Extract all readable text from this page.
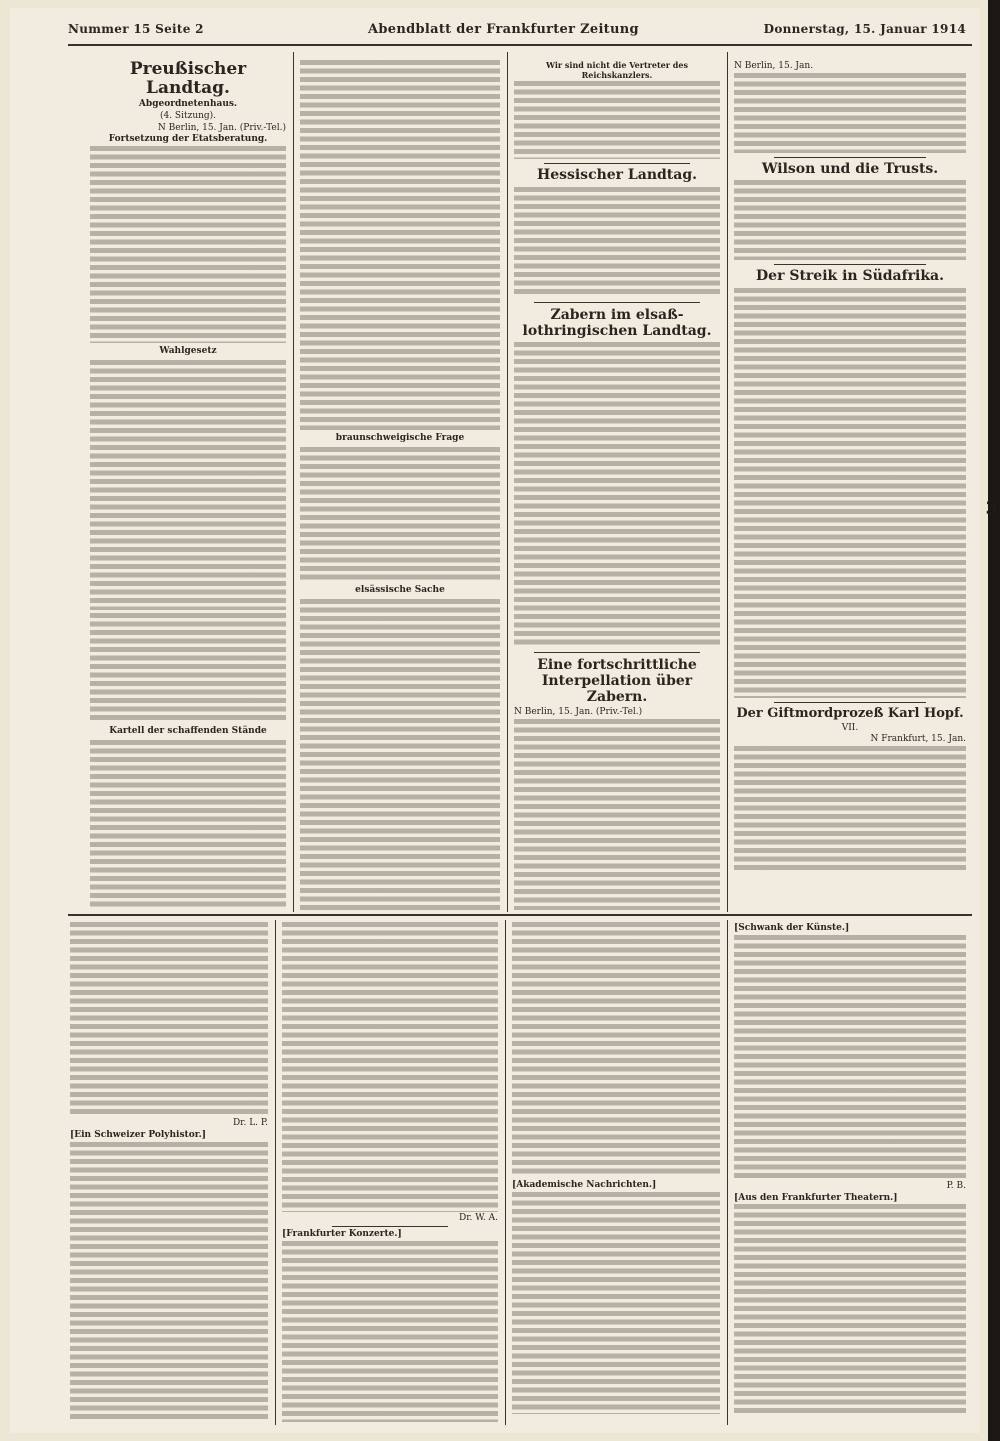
Nummer 15 Seite 2	Abendblatt der Frankfurter Zeitung	Donnerstag, 15. Januar 1914
Preußischer Landtag.
Abgeordnetenhaus.
(4. Sitzung).
N Berlin, 15. Jan. (Priv.-Tel.)
Fortsetzung der Etatsberatung.
Wahlgesetz
Kartell der schaffenden Stände
braunschweigische Frage
elsässische Sache
Wir sind nicht die Vertreter des Reichskanzlers.
Hessischer Landtag.
Zabern im elsaß-lothringischen Landtag.
Eine fortschrittliche Interpellation über Zabern.
N Berlin, 15. Jan. (Priv.-Tel.)
N Berlin, 15. Jan.
Wilson und die Trusts.
Der Streik in Südafrika.
Der Giftmordprozeß Karl Hopf.
VII.
N Frankfurt, 15. Jan.
Dr. L. P.
[Ein Schweizer Polyhistor.]
Dr. W. A.
[Frankfurter Konzerte.]
[Akademische Nachrichten.]
[Schwank der Künste.]
P. B.
[Aus den Frankfurter Theatern.]
3
